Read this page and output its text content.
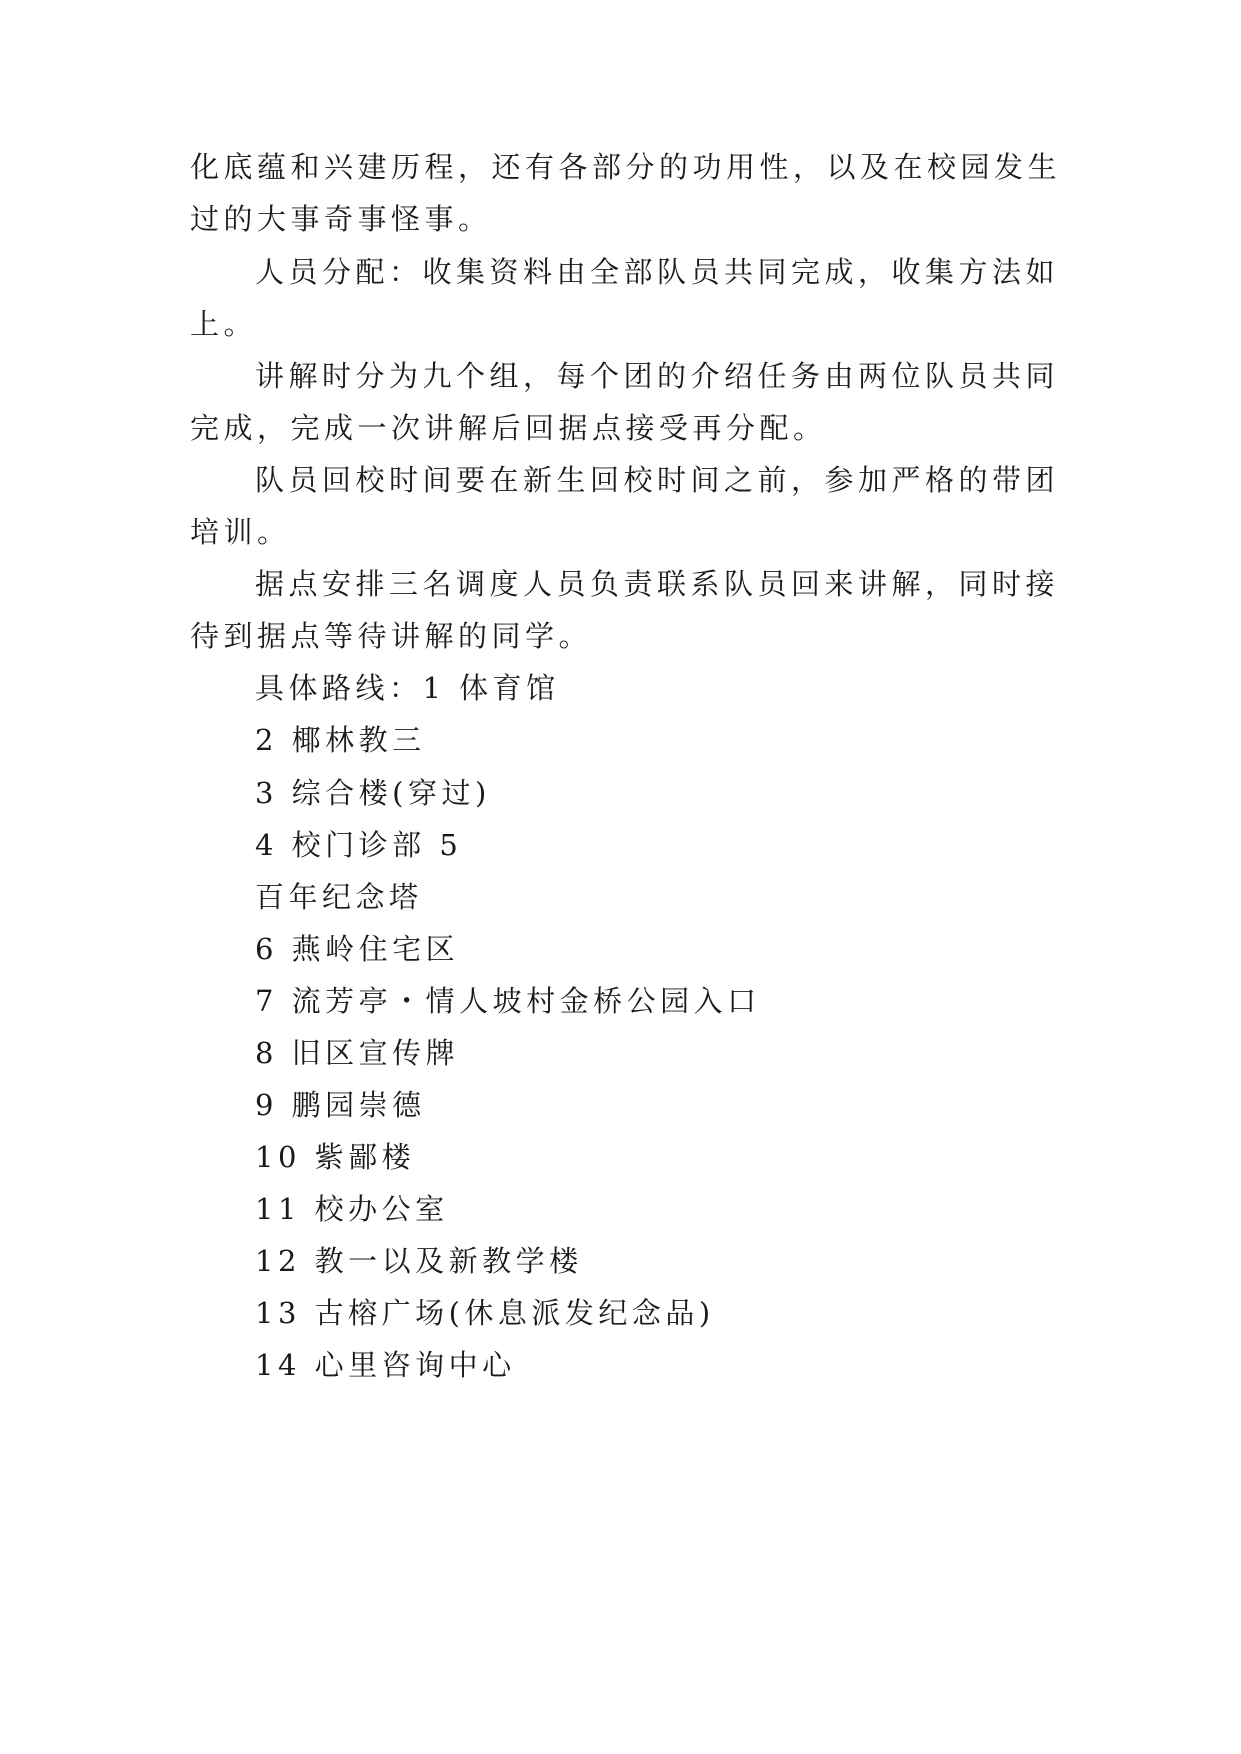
化底蕴和兴建历程，还有各部分的功用性，以及在校园发生

过的大事奇事怪事。

人员分配：收集资料由全部队员共同完成，收集方法如

上。

讲解时分为九个组，每个团的介绍任务由两位队员共同

完成，完成一次讲解后回据点接受再分配。

队员回校时间要在新生回校时间之前，参加严格的带团

培训。

据点安排三名调度人员负责联系队员回来讲解，同时接

待到据点等待讲解的同学。

具体路线：1 体育馆

2 椰林教三

3 综合楼(穿过)

4 校门诊部 5

百年纪念塔

6 燕岭住宅区

7 流芳亭・情人坡村金桥公园入口

8 旧区宣传牌

9 鹏园崇德

10 紫鄙楼

11 校办公室

12 教一以及新教学楼

13 古榕广场(休息派发纪念品)

14 心里咨询中心
